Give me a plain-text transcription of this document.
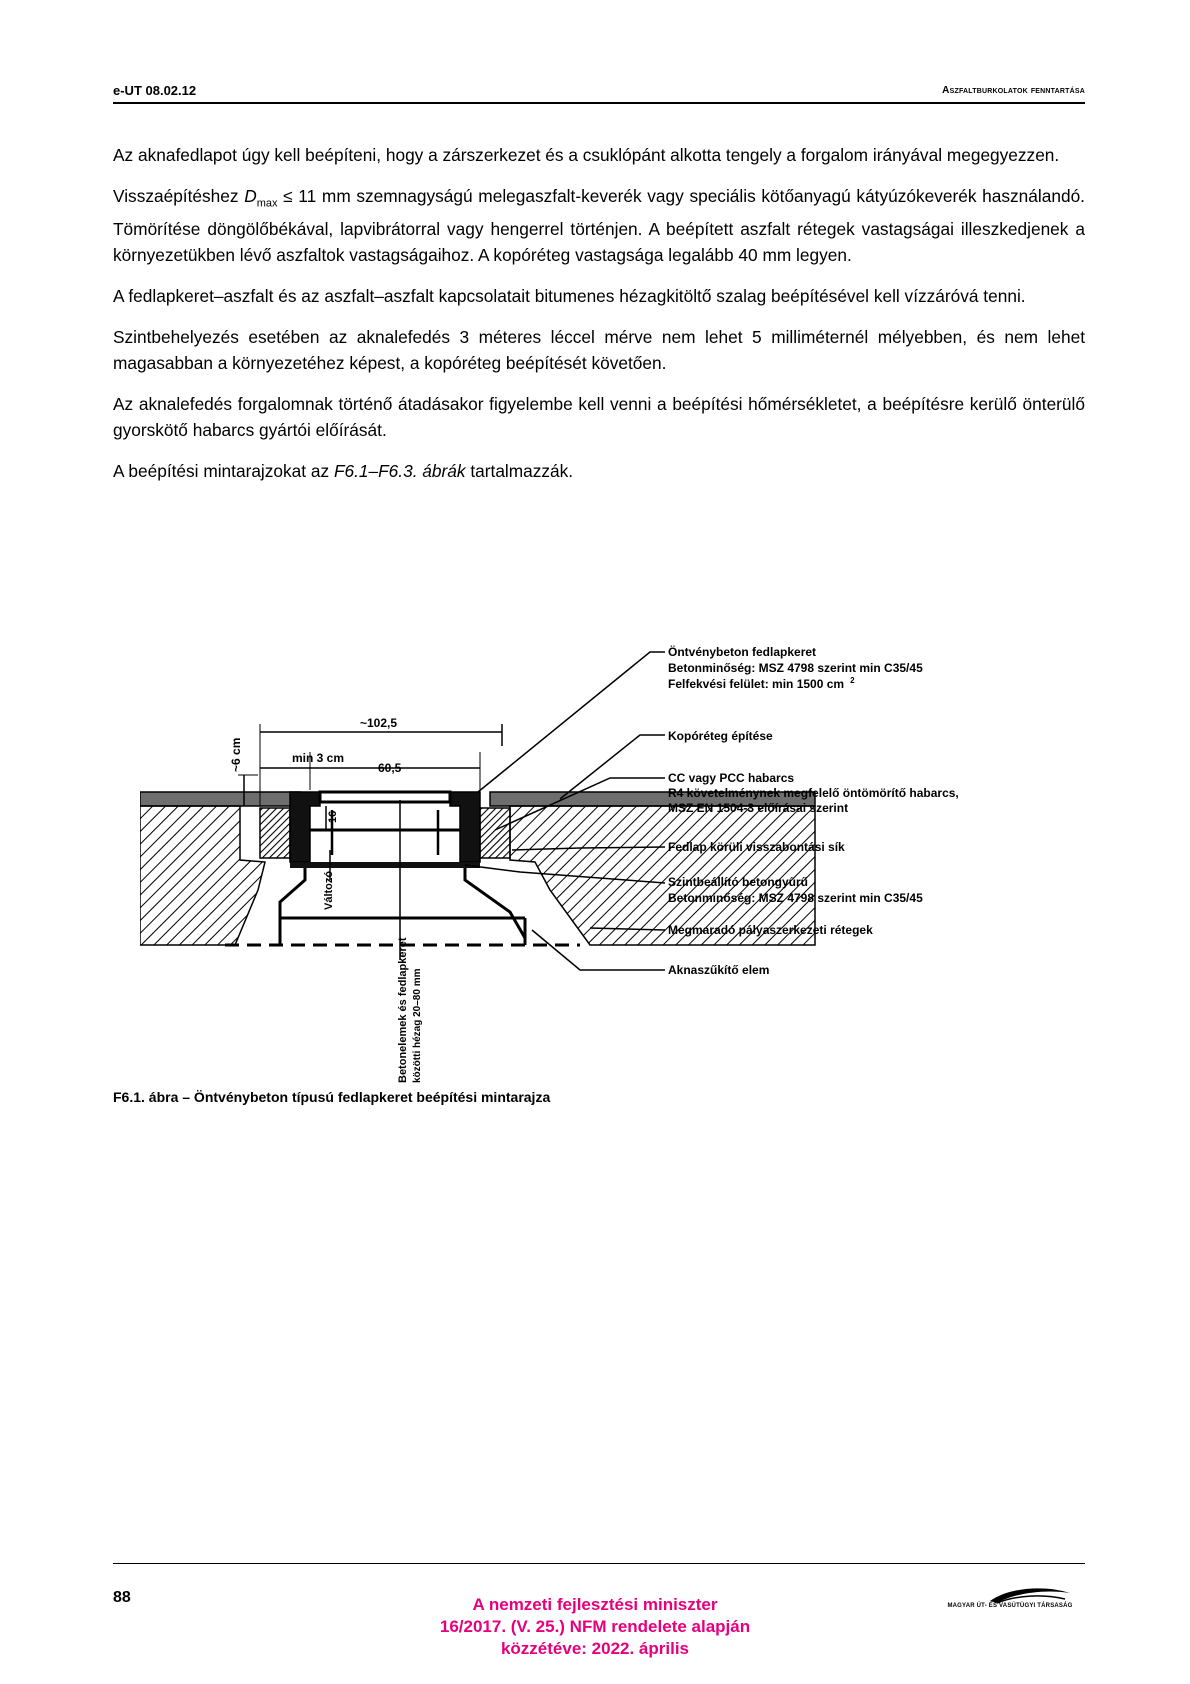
e-UT 08.02.12	Aszfaltburkolatok fenntartása

Az aknafedlapot úgy kell beépíteni, hogy a zárszerkezet és a csuklópánt alkotta tengely a forgalom irányával megegyezzen.

Visszaépítéshez $D_{max} \le 11$ mm szemnagyságú melegaszfalt-keverék vagy speciális kötőanyagú kátyúzókeverék használandó. Tömörítése döngölőbékával, lapvibrátorral vagy hengerrel történjen. A beépített aszfalt rétegek vastagságai illeszkedjenek a környezetükben lévő aszfaltok vastagságaihoz. A kopóréteg vastagsága legalább 40 mm legyen.

A fedlapkeret–aszfalt és az aszfalt–aszfalt kapcsolatait bitumenes hézagkitöltő szalag beépítésével kell vízzáróvá tenni.

Szintbehelyezés esetében az aknalefedés 3 méteres léccel mérve nem lehet 5 milliméternél mélyebben, és nem lehet magasabban a környezetéhez képest, a kopóréteg beépítését követően.

Az aknalefedés forgalomnak történő átadásakor figyelembe kell venni a beépítési hőmérsékletet, a beépítésre kerülő önterülő gyorskötő habarcs gyártói előírását.

A beépítési mintarajzokat az F6.1–F6.3. ábrák tartalmazzák.

~102,5
min 3 cm
60,5
~6 cm
16
Változó
Betonelemek és fedlapkeret közötti hézag 20–80 mm
Öntvénybeton fedlapkeret
Betonminőség: MSZ 4798 szerint min C35/45
Felfekvési felület: min 1500 cm $^2$
Kopóréteg építése
CC vagy PCC habarcs
R4 követelménynek megfelelő öntömörítő habarcs,
MSZ EN 1504-3 előírásai szerint
Fedlap körüli visszabontási sík
Szintbeállító betongyűrű
Betonminőség: MSZ 4798 szerint min C35/45
Megmaradó pályaszerkezeti rétegek
Aknaszűkítő elem
F6.1. ábra – Öntvénybeton típusú fedlapkeret beépítési mintarajza
88	A nemzeti fejlesztési miniszter
16/2017. (V. 25.) NFM rendelete alapján
közzétéve: 2022. április
MAGYAR ÚT- ÉS VASÚTÜGYI TÁRSASÁG
